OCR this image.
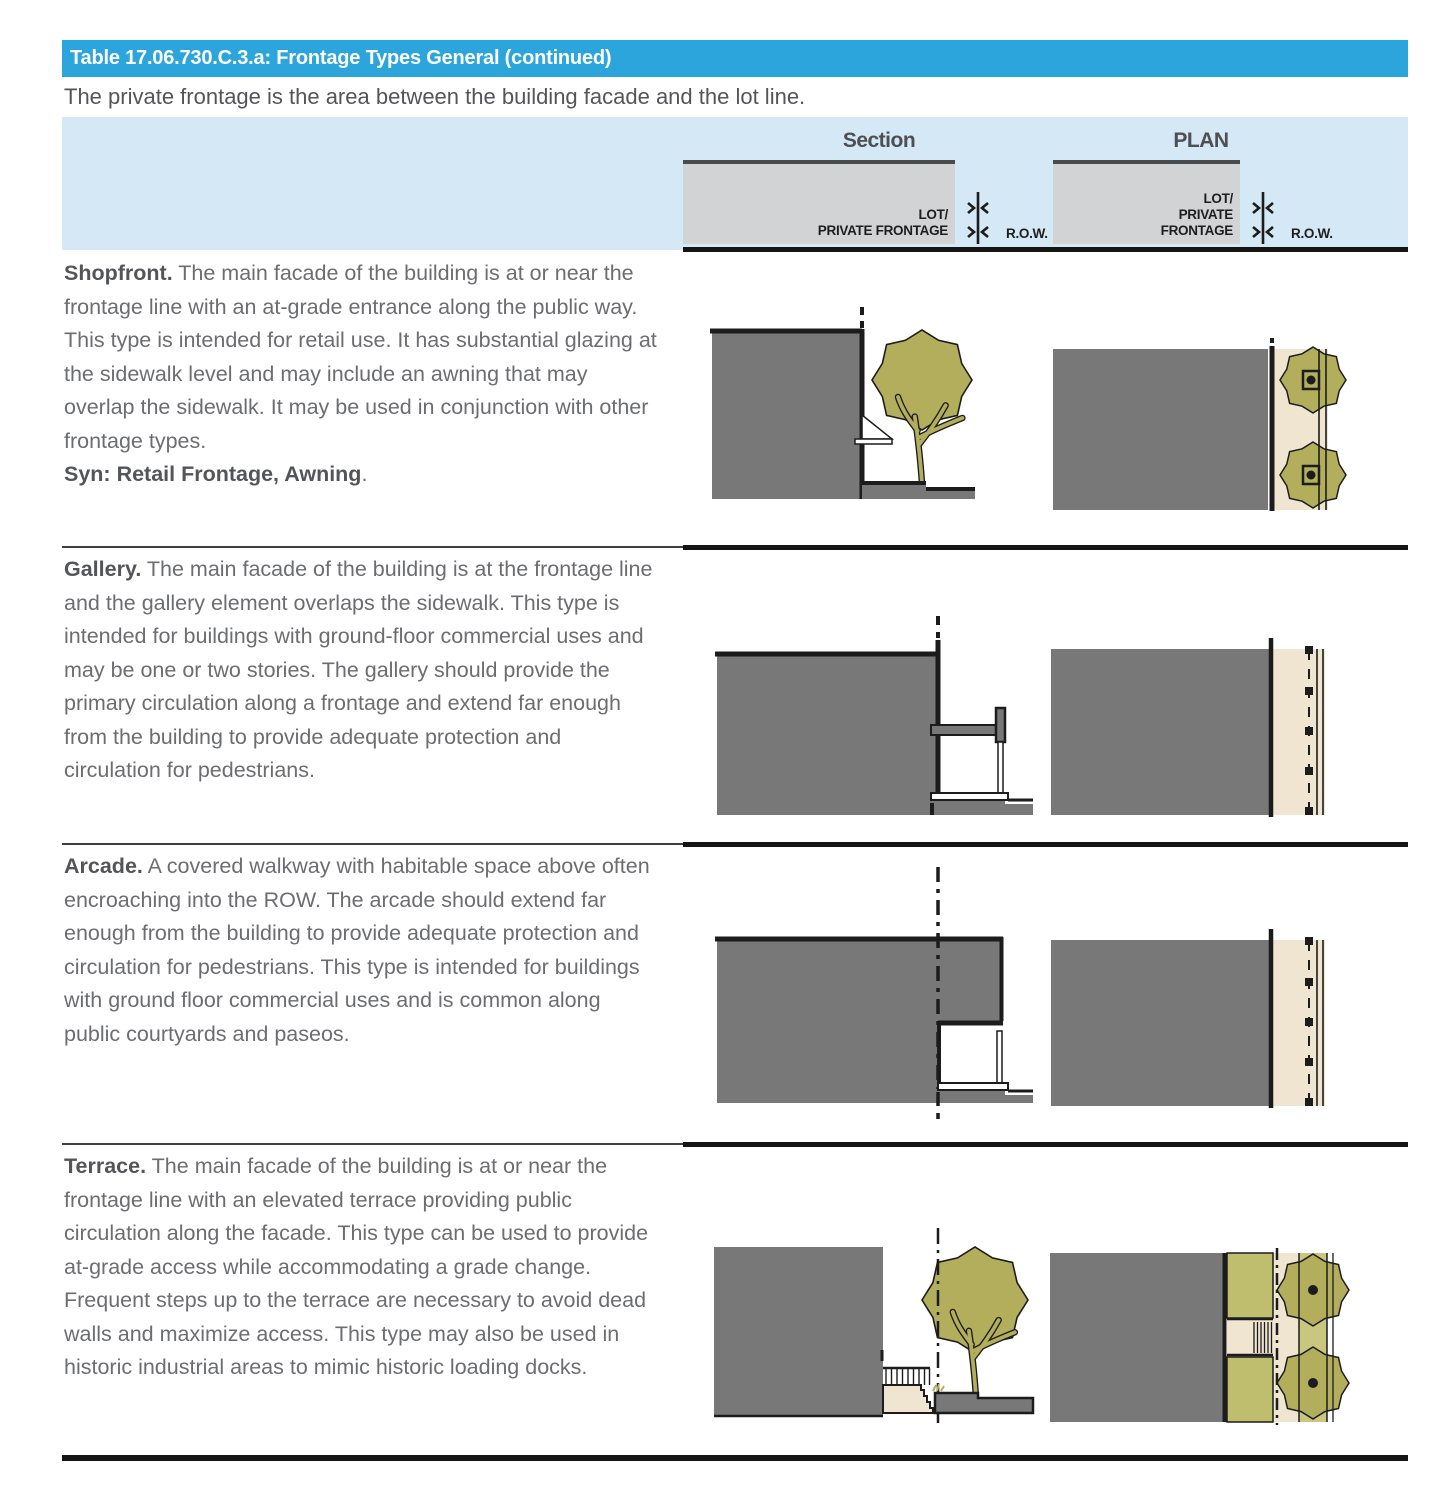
Table 17.06.730.C.3.a: Frontage Types General (continued)
The private frontage is the area between the building facade and the lot line.
Section
LOT/
PRIVATE FRONTAGE	R.O.W.
PLAN
LOT/
PRIVATE
FRONTAGE	R.O.W.
Shopfront. The main facade of the building is at or near the frontage line with an at-grade entrance along the public way. This type is intended for retail use. It has substantial glazing at the sidewalk level and may include an awning that may overlap the sidewalk. It may be used in conjunction with other frontage types.
Syn: Retail Frontage, Awning.
Gallery. The main facade of the building is at the frontage line and the gallery element overlaps the sidewalk. This type is intended for buildings with ground-floor commercial uses and may be one or two stories. The gallery should provide the primary circulation along a frontage and extend far enough from the building to provide adequate protection and circulation for pedestrians.
Arcade. A covered walkway with habitable space above often encroaching into the ROW. The arcade should extend far enough from the building to provide adequate protection and circulation for pedestrians. This type is intended for buildings with ground floor commercial uses and is common along public courtyards and paseos.
Terrace. The main facade of the building is at or near the frontage line with an elevated terrace providing public circulation along the facade. This type can be used to provide at-grade access while accommodating a grade change. Frequent steps up to the terrace are necessary to avoid dead walls and maximize access. This type may also be used in historic industrial areas to mimic historic loading docks.
